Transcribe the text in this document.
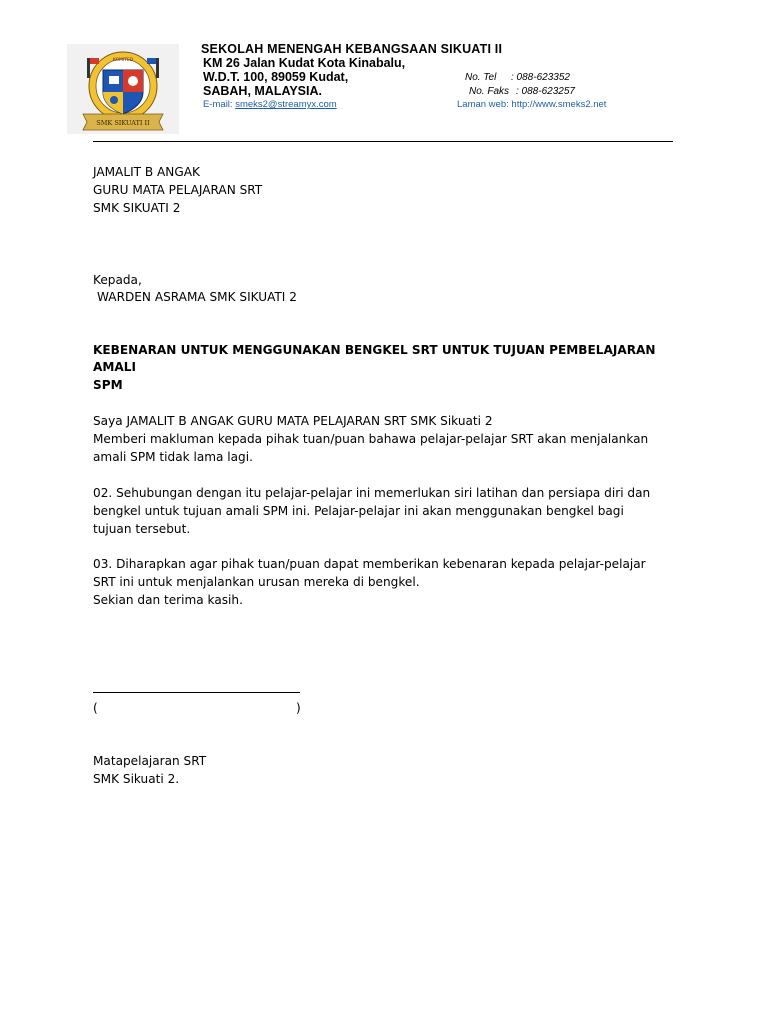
KOMITED
SMK SIKUATI II
SEKOLAH MENENGAH KEBANGSAAN SIKUATI II
KM 26 Jalan Kudat Kota Kinabalu,
W.D.T. 100, 89059 Kudat,
SABAH, MALAYSIA.
No. Tel : 088-623352
No. Faks : 088-623257
E-mail: smeks2@streamyx.com	Laman web: http://www.smeks2.net
JAMALIT B ANGAK
GURU MATA PELAJARAN SRT
SMK SIKUATI 2
Kepada,
WARDEN ASRAMA SMK SIKUATI 2
KEBENARAN UNTUK MENGGUNAKAN BENGKEL SRT UNTUK TUJUAN PEMBELAJARAN
AMALI
SPM
Saya JAMALIT B ANGAK GURU MATA PELAJARAN SRT SMK Sikuati 2
Memberi makluman kepada pihak tuan/puan bahawa pelajar-pelajar SRT akan menjalankan
amali SPM tidak lama lagi.
02. Sehubungan dengan itu pelajar-pelajar ini memerlukan siri latihan dan persiapa diri dan
bengkel untuk tujuan amali SPM ini. Pelajar-pelajar ini akan menggunakan bengkel bagi
tujuan tersebut.
03. Diharapkan agar pihak tuan/puan dapat memberikan kebenaran kepada pelajar-pelajar
SRT ini untuk menjalankan urusan mereka di bengkel.
Sekian dan terima kasih.
(	)
Matapelajaran SRT
SMK Sikuati 2.
